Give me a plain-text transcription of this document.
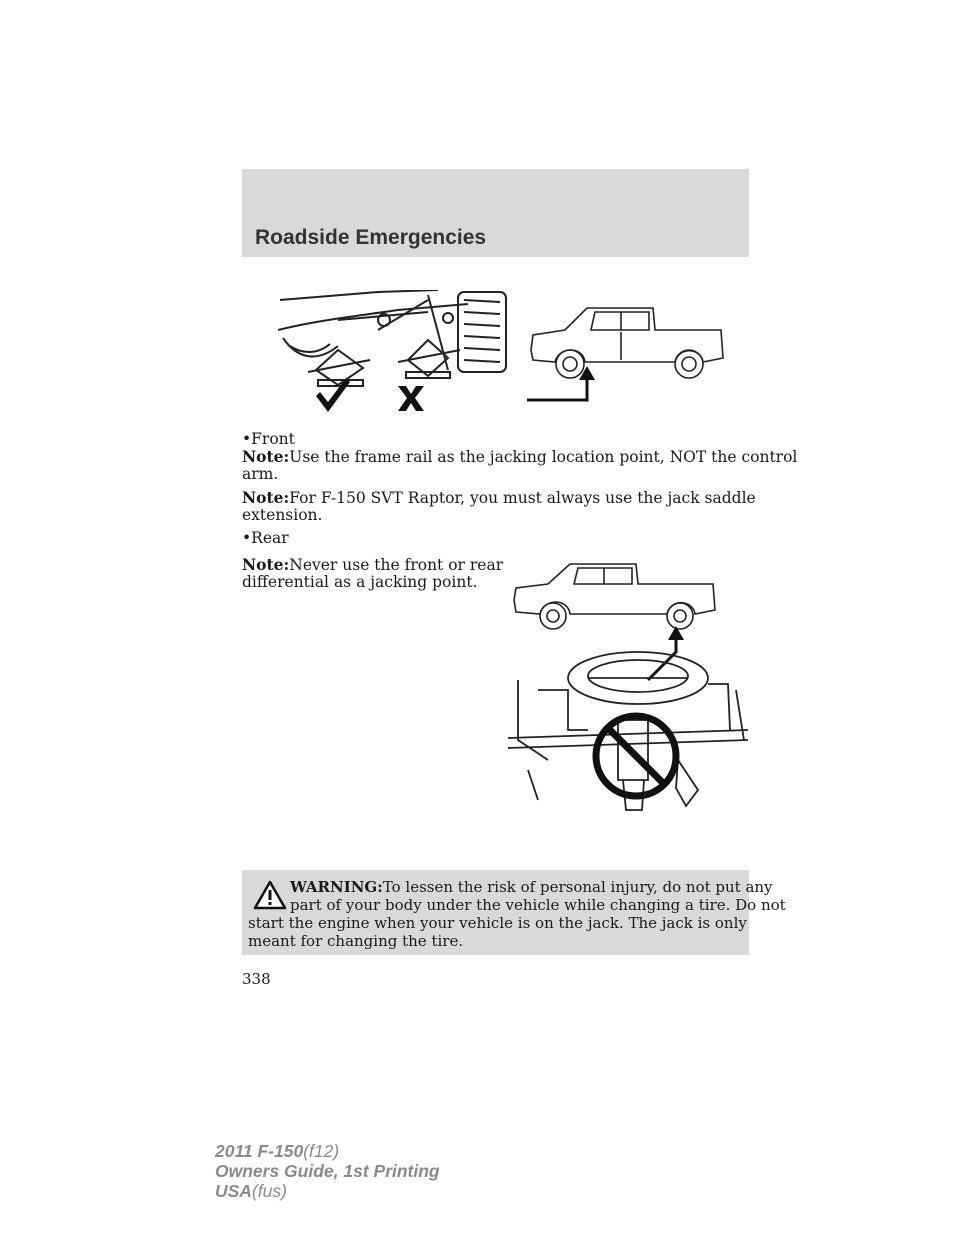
Roadside Emergencies
•Front
Note:Use the frame rail as the jacking location point, NOT the control
arm.
Note:For F-150 SVT Raptor, you must always use the jack saddle
extension.
•Rear
Note:Never use the front or rear
differential as a jacking point.
WARNING:To lessen the risk of personal injury, do not put any
part of your body under the vehicle while changing a tire. Do not
start the engine when your vehicle is on the jack. The jack is only
meant for changing the tire.
338
2011 F-150(f12)
Owners Guide, 1st Printing
USA(fus)
